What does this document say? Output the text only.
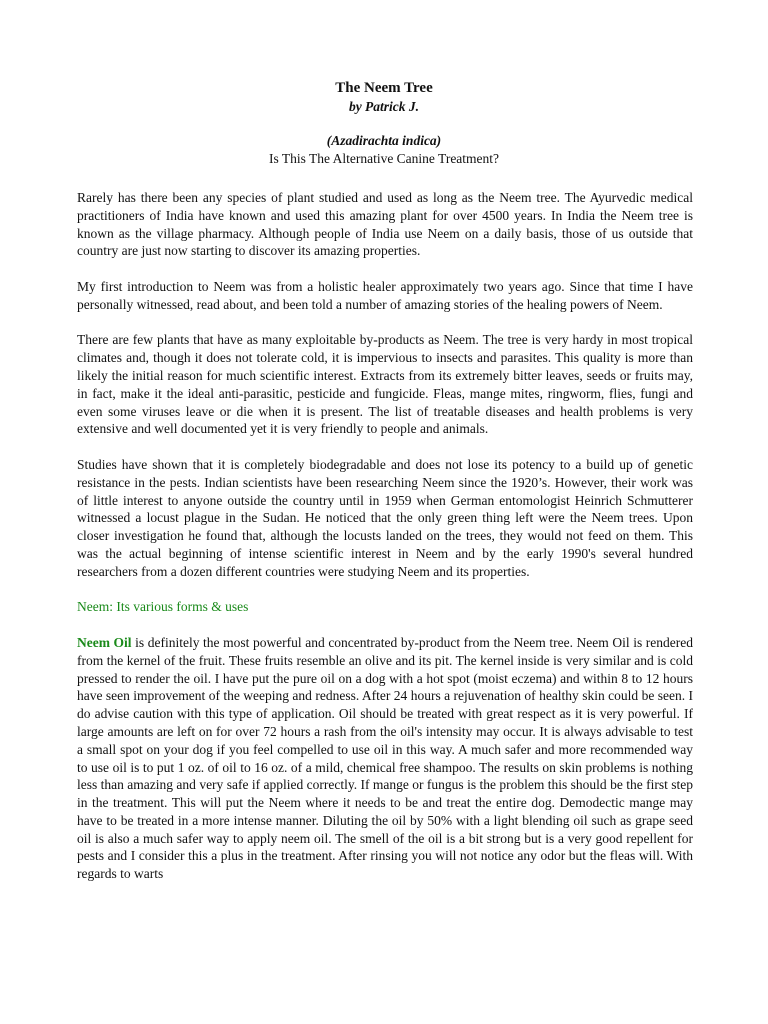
The Neem Tree

by Patrick J.

(Azadirachta indica)

Is This The Alternative Canine Treatment?

Rarely has there been any species of plant studied and used as long as the Neem tree. The Ayurvedic medical practitioners of India have known and used this amazing plant for over 4500 years. In India the Neem tree is known as the village pharmacy. Although people of India use Neem on a daily basis, those of us outside that country are just now starting to discover its amazing properties.

My first introduction to Neem was from a holistic healer approximately two years ago. Since that time I have personally witnessed, read about, and been told a number of amazing stories of the healing powers of Neem.

There are few plants that have as many exploitable by-products as Neem. The tree is very hardy in most tropical climates and, though it does not tolerate cold, it is impervious to insects and parasites. This quality is more than likely the initial reason for much scientific interest. Extracts from its extremely bitter leaves, seeds or fruits may, in fact, make it the ideal anti-parasitic, pesticide and fungicide. Fleas, mange mites, ringworm, flies, fungi and even some viruses leave or die when it is present. The list of treatable diseases and health problems is very extensive and well documented yet it is very friendly to people and animals.

Studies have shown that it is completely biodegradable and does not lose its potency to a build up of genetic resistance in the pests. Indian scientists have been researching Neem since the 1920’s. However, their work was of little interest to anyone outside the country until in 1959 when German entomologist Heinrich Schmutterer witnessed a locust plague in the Sudan. He noticed that the only green thing left were the Neem trees. Upon closer investigation he found that, although the locusts landed on the trees, they would not feed on them. This was the actual beginning of intense scientific interest in Neem and by the early 1990's several hundred researchers from a dozen different countries were studying Neem and its properties.

Neem: Its various forms & uses

Neem Oil is definitely the most powerful and concentrated by-product from the Neem tree. Neem Oil is rendered from the kernel of the fruit. These fruits resemble an olive and its pit. The kernel inside is very similar and is cold pressed to render the oil. I have put the pure oil on a dog with a hot spot (moist eczema) and within 8 to 12 hours have seen improvement of the weeping and redness. After 24 hours a rejuvenation of healthy skin could be seen. I do advise caution with this type of application. Oil should be treated with great respect as it is very powerful. If large amounts are left on for over 72 hours a rash from the oil's intensity may occur. It is always advisable to test a small spot on your dog if you feel compelled to use oil in this way. A much safer and more recommended way to use oil is to put 1 oz. of oil to 16 oz. of a mild, chemical free shampoo. The results on skin problems is nothing less than amazing and very safe if applied correctly. If mange or fungus is the problem this should be the first step in the treatment. This will put the Neem where it needs to be and treat the entire dog. Demodectic mange may have to be treated in a more intense manner. Diluting the oil by 50% with a light blending oil such as grape seed oil is also a much safer way to apply neem oil. The smell of the oil is a bit strong but is a very good repellent for pests and I consider this a plus in the treatment. After rinsing you will not notice any odor but the fleas will. With regards to warts
